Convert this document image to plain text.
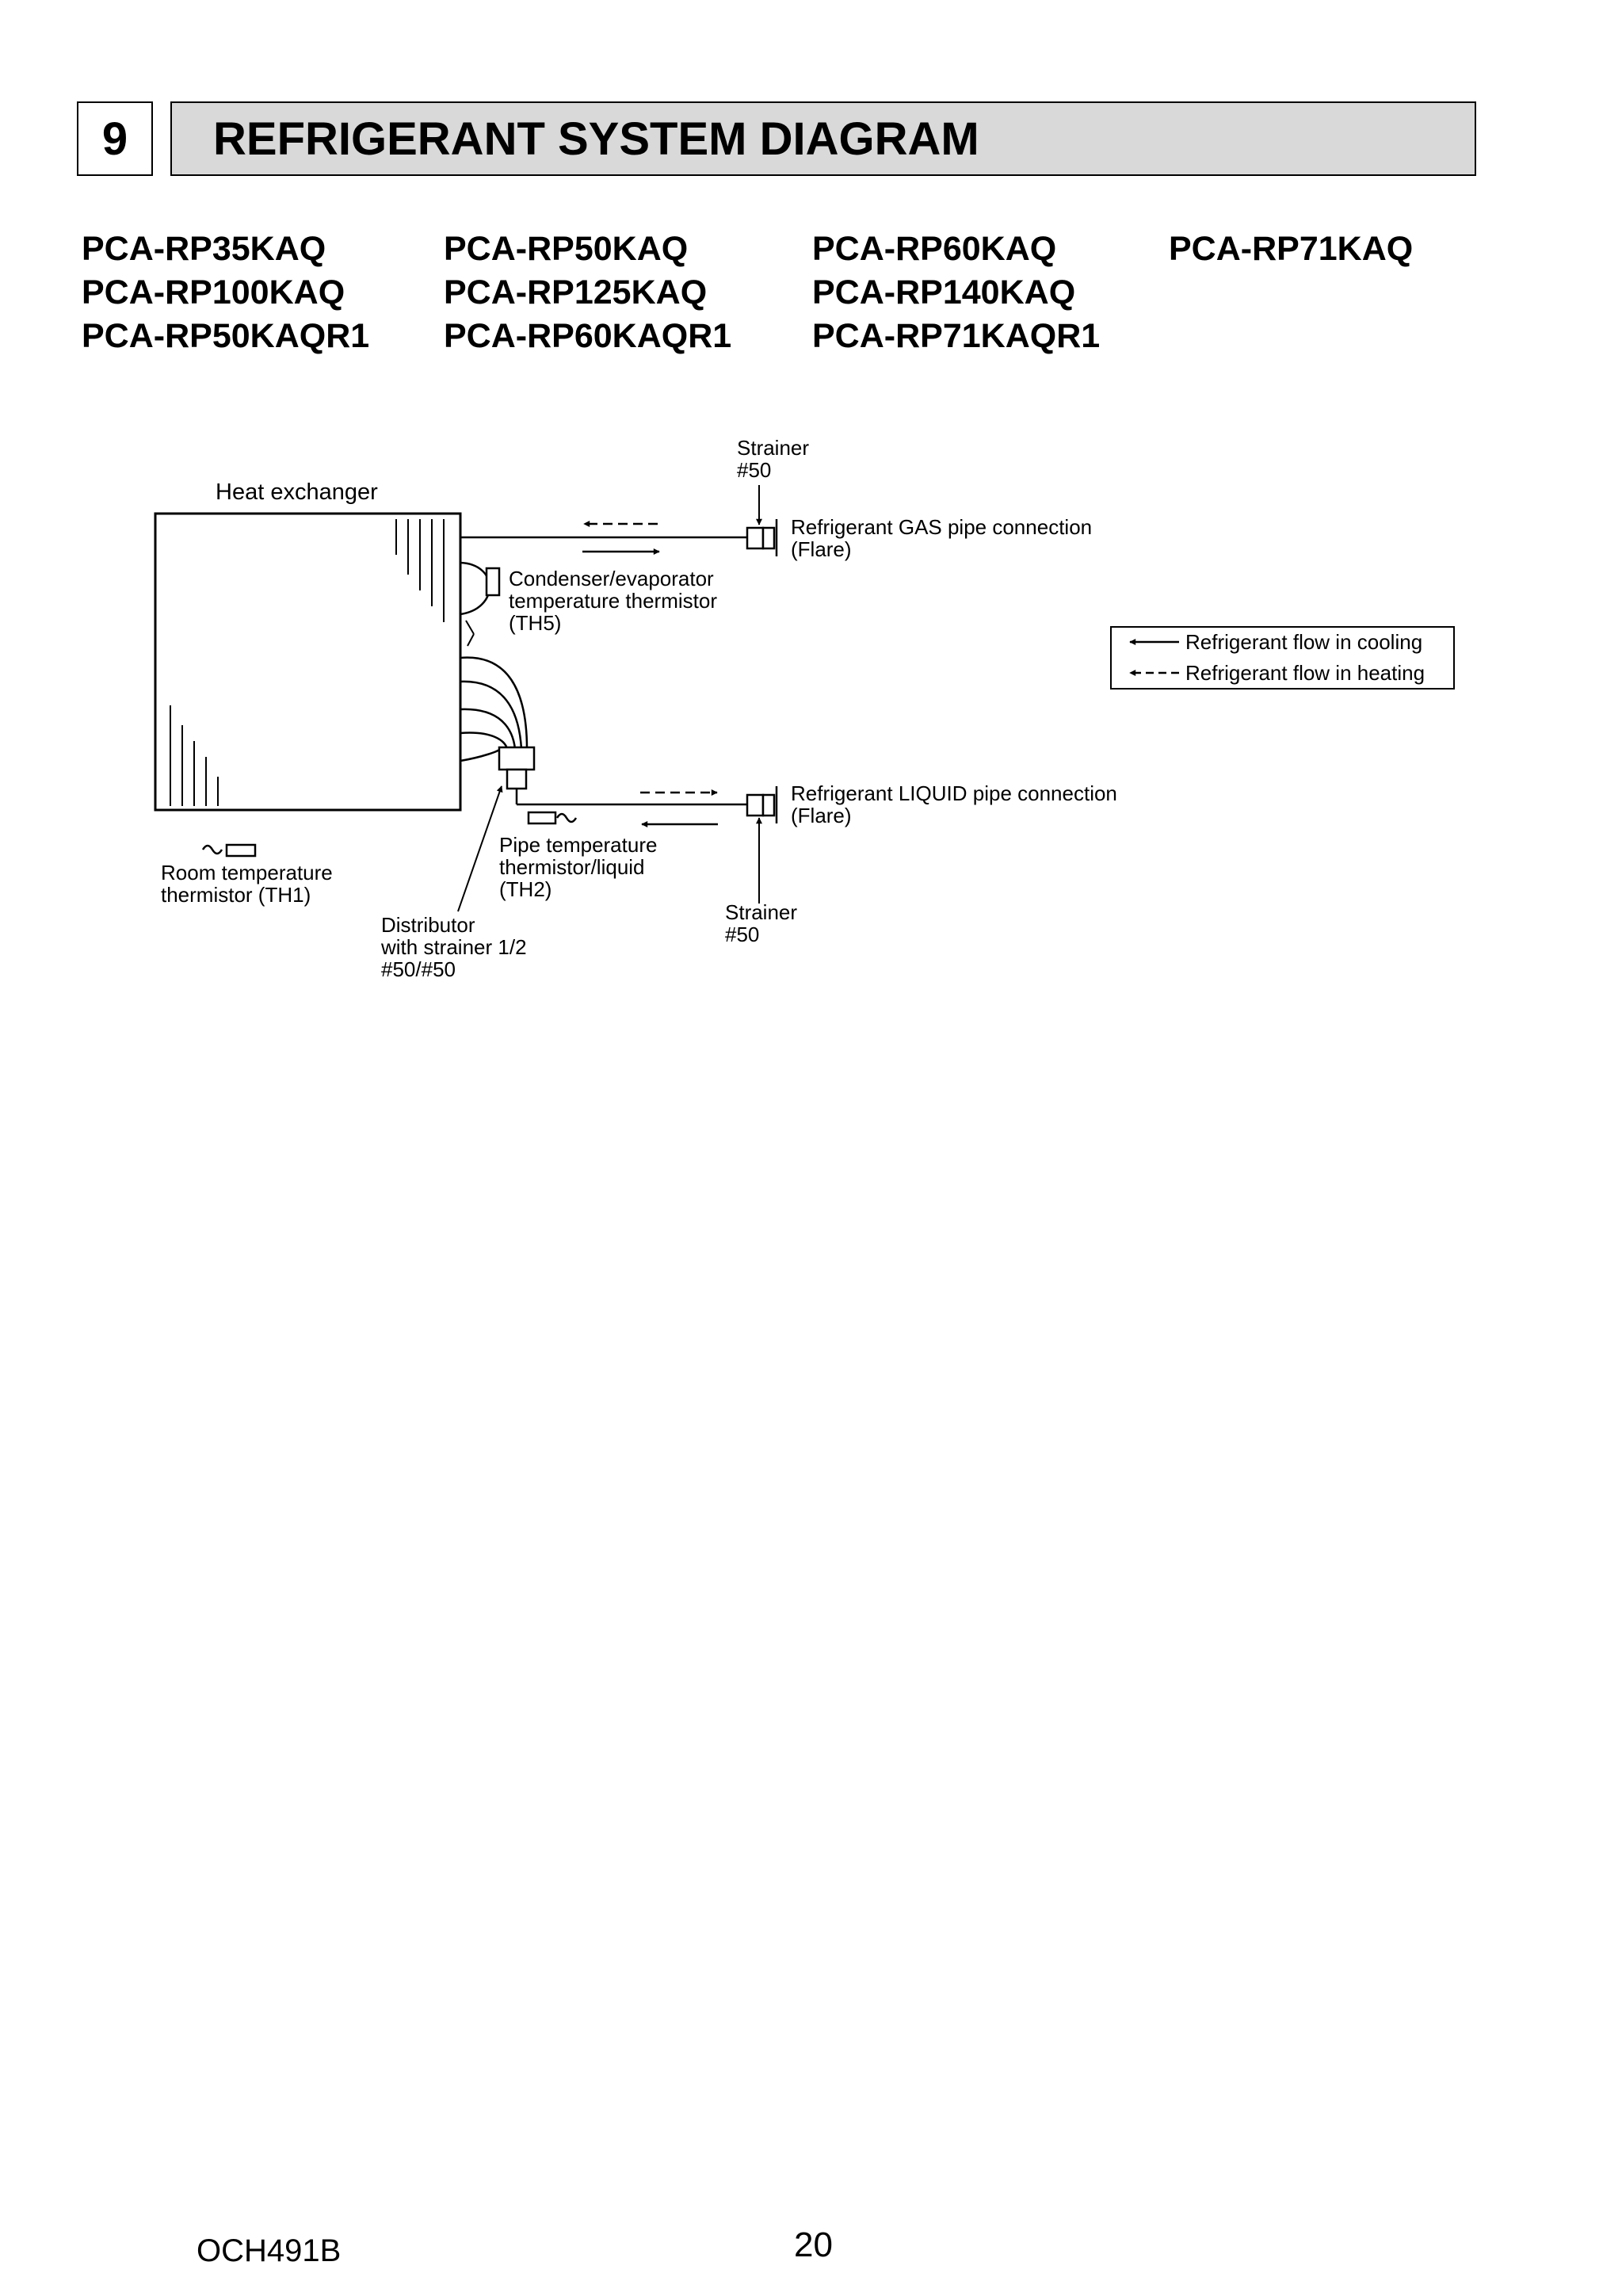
9	REFRIGERANT SYSTEM DIAGRAM
PCA-RP35KAQ	PCA-RP50KAQ	PCA-RP60KAQ	PCA-RP71KAQ
PCA-RP100KAQ	PCA-RP125KAQ	PCA-RP140KAQ
PCA-RP50KAQR1 PCA-RP60KAQR1 PCA-RP71KAQR1
Heat exchanger
Strainer #50
Refrigerant GAS pipe connection (Flare)
Condenser/evaporator temperature thermistor (TH5)
Refrigerant flow in cooling
Refrigerant flow in heating
Refrigerant LIQUID pipe connection (Flare)
Pipe temperature thermistor/liquid (TH2)
Room temperature thermistor (TH1)
Strainer #50
Distributor with strainer 1/2 #50/#50
OCH491B	20
